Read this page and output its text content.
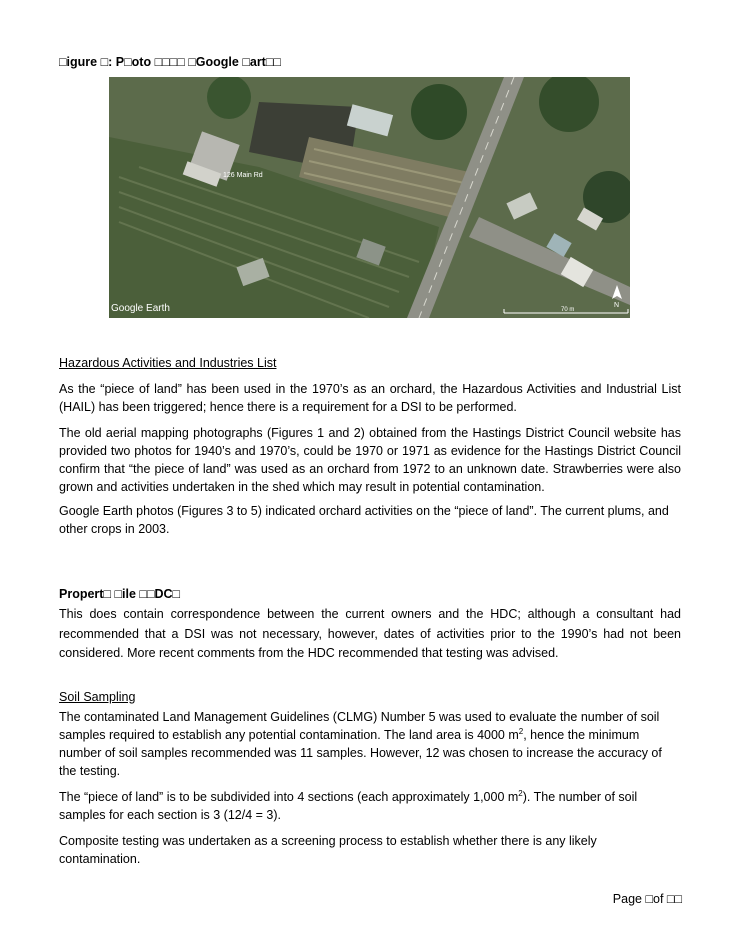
□igure □: P□oto □□□□ □Google □art□□
126 Main Rd
Google Earth	70 m
N
Hazardous Activities and Industries List

As the “piece of land” has been used in the 1970’s as an orchard, the Hazardous Activities and Industrial List (HAIL) has been triggered; hence there is a requirement for a DSI to be performed.

The old aerial mapping photographs (Figures 1 and 2) obtained from the Hastings District Council website has provided two photos for 1940’s and 1970’s, could be 1970 or 1971 as evidence for the Hastings District Council confirm that “the piece of land” was used as an orchard from 1972 to an unknown date. Strawberries were also grown and activities undertaken in the shed which may result in potential contamination.

Google Earth photos (Figures 3 to 5) indicated orchard activities on the “piece of land”. The current plums, and other crops in 2003.

Propert□ □ile □□DC□

This does contain correspondence between the current owners and the HDC; although a consultant had recommended that a DSI was not necessary, however, dates of activities prior to the 1990’s had not been considered. More recent comments from the HDC recommended that testing was advised.

Soil Sampling

The contaminated Land Management Guidelines (CLMG) Number 5 was used to evaluate the number of soil samples required to establish any potential contamination. The land area is 4000 $m^2$, hence the minimum number of soil samples recommended was 11 samples. However, 12 was chosen to increase the accuracy of the testing.

The “piece of land” is to be subdivided into 4 sections (each approximately 1,000 $m^2$). The number of soil samples for each section is 3 (12/4 = 3).

Composite testing was undertaken as a screening process to establish whether there is any likely contamination.

Page □of □□
